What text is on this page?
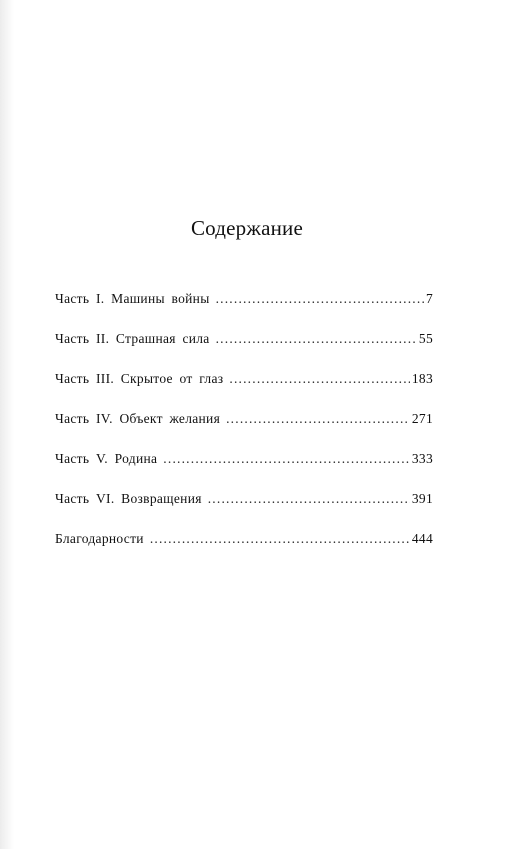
Содержание
Часть I. Машины войны .....	7
Часть II. Страшная сила .....	55
Часть III. Скрытое от глаз .....	183
Часть IV. Объект желания .....	271
Часть V. Родина .....	333
Часть VI. Возвращения .....	391
Благодарности .....	444
